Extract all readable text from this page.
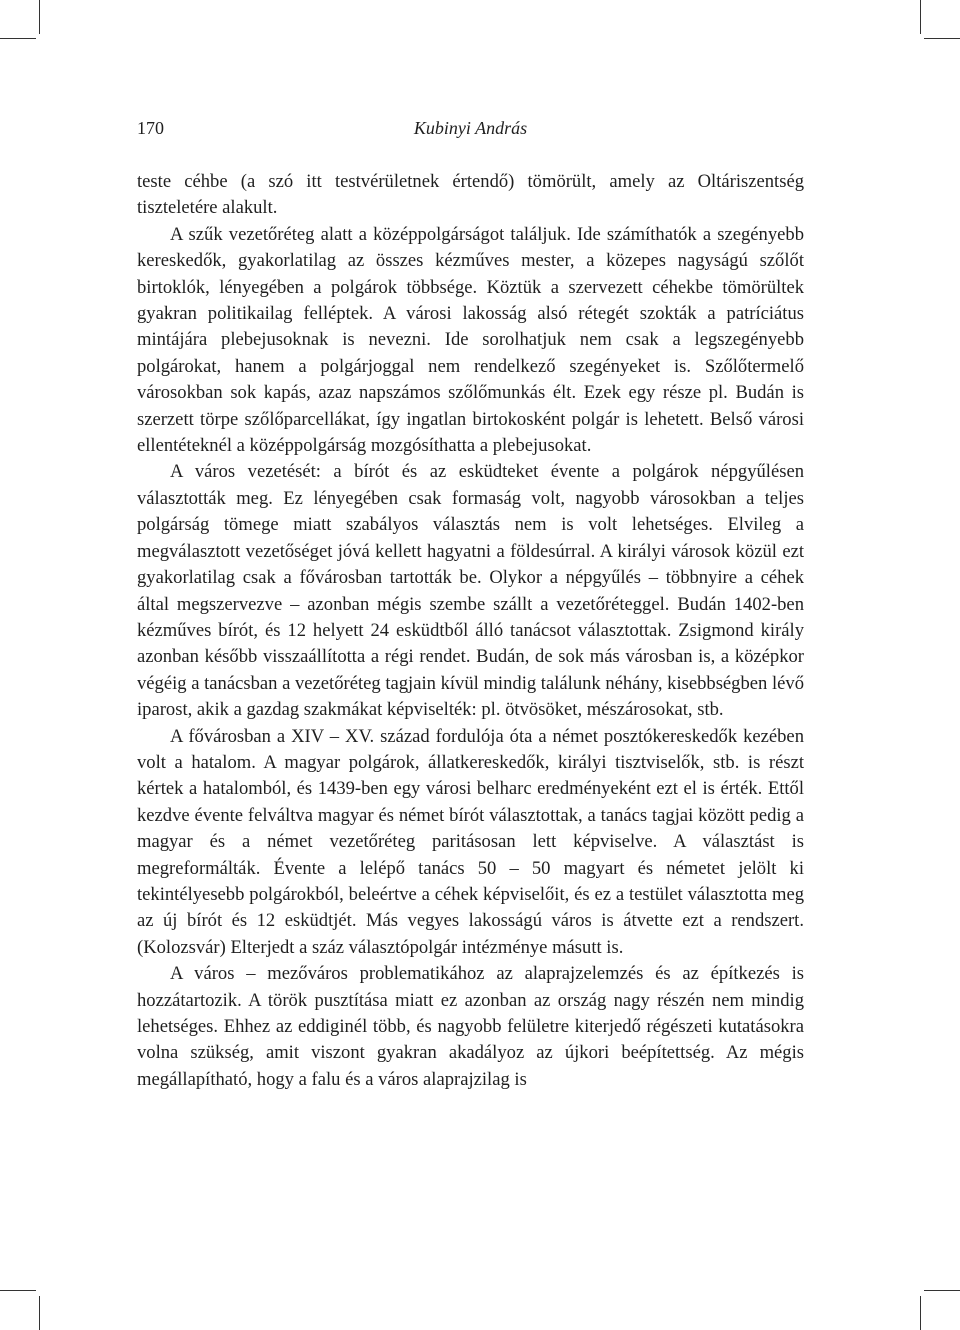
170	Kubinyi András

teste céhbe (a szó itt testvérületnek értendő) tömörült, amely az Oltáriszentség tiszteletére alakult.

A szűk vezetőréteg alatt a középpolgárságot találjuk. Ide számíthatók a szegényebb kereskedők, gyakorlatilag az összes kézműves mester, a közepes nagyságú szőlőt birtoklók, lényegében a polgárok többsége. Köztük a szervezett céhekbe tömörültek gyakran politikailag felléptek. A városi lakosság alsó rétegét szokták a patríciátus mintájára plebejusoknak is nevezni. Ide sorolhatjuk nem csak a legszegényebb polgárokat, hanem a polgárjoggal nem rendelkező szegényeket is. Szőlőtermelő városokban sok kapás, azaz napszámos szőlőmunkás élt. Ezek egy része pl. Budán is szerzett törpe szőlőparcellákat, így ingatlan birtokosként polgár is lehetett. Belső városi ellentéteknél a középpolgárság mozgósíthatta a plebejusokat.

A város vezetését: a bírót és az esküdteket évente a polgárok népgyűlésen választották meg. Ez lényegében csak formaság volt, nagyobb városokban a teljes polgárság tömege miatt szabályos választás nem is volt lehetséges. Elvileg a megválasztott vezetőséget jóvá kellett hagyatni a földesúrral. A királyi városok közül ezt gyakorlatilag csak a fővárosban tartották be. Olykor a népgyűlés – többnyire a céhek által megszervezve – azonban mégis szembe szállt a vezetőréteggel. Budán 1402-ben kézműves bírót, és 12 helyett 24 esküdtből álló tanácsot választottak. Zsigmond király azonban később visszaállította a régi rendet. Budán, de sok más városban is, a középkor végéig a tanácsban a vezetőréteg tagjain kívül mindig találunk néhány, kisebbségben lévő iparost, akik a gazdag szakmákat képviselték: pl. ötvösöket, mészárosokat, stb.

A fővárosban a XIV – XV. század fordulója óta a német posztókereskedők kezében volt a hatalom. A magyar polgárok, állatkereskedők, királyi tisztviselők, stb. is részt kértek a hatalomból, és 1439-ben egy városi belharc eredményeként ezt el is érték. Ettől kezdve évente felváltva magyar és német bírót választottak, a tanács tagjai között pedig a magyar és a német vezetőréteg paritásosan lett képviselve. A választást is megreformálták. Évente a lelépő tanács 50 – 50 magyart és németet jelölt ki tekintélyesebb polgárokból, beleértve a céhek képviselőit, és ez a testület választotta meg az új bírót és 12 esküdtjét. Más vegyes lakosságú város is átvette ezt a rendszert. (Kolozsvár) Elterjedt a száz választópolgár intézménye másutt is.

A város – mezőváros problematikához az alaprajzelemzés és az építkezés is hozzátartozik. A török pusztítása miatt ez azonban az ország nagy részén nem mindig lehetséges. Ehhez az eddiginél több, és nagyobb felületre kiterjedő régészeti kutatásokra volna szükség, amit viszont gyakran akadályoz az újkori beépítettség. Az mégis megállapítható, hogy a falu és a város alaprajzilag is
